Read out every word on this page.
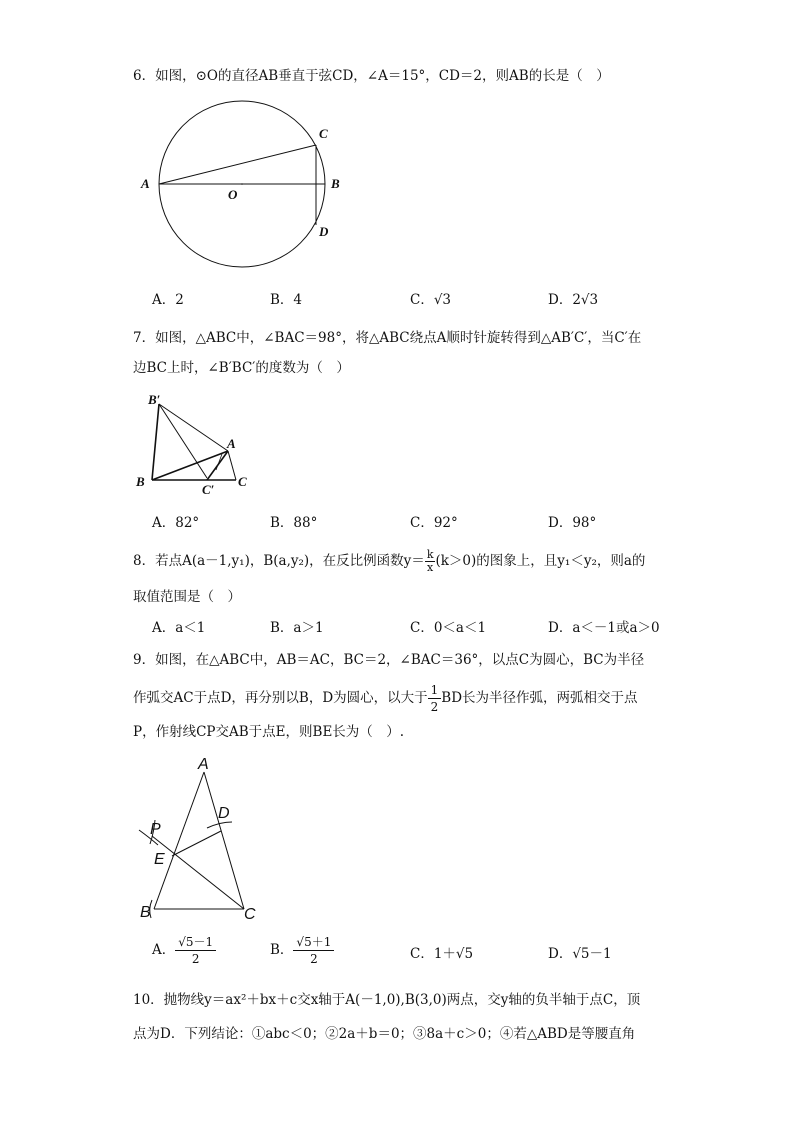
6．如图，⊙O的直径AB垂直于弦CD，∠A＝15°，CD＝2，则AB的长是（　）
A	B
C
D
O
A．2	B．4	C．√3	D．2√3
7．如图，△ABC中，∠BAC＝98°，将△ABC绕点A顺时针旋转得到△AB′C′，当C′在
边BC上时，∠B′BC′的度数为（　）
B′
A
B
C′
C
A．82°	B．88°	C．92°	D．98°
8．若点A(a－1,y₁)，B(a,y₂)，在反比例函数$y= \frac{k}{x} (k>0)$的图象上，且y₁＜y₂，则a的
取值范围是（　）
A．a＜1	B．a＞1	C．0＜a＜1	D．a＜－1或a＞0
9．如图，在△ABC中，AB＝AC，BC＝2，∠BAC＝36°，以点C为圆心，BC为半径
作弧交AC于点D，再分别以B，D为圆心，以大于 $\frac{1}{2}$ BD长为半径作弧，两弧相交于点
P，作射线CP交AB于点E，则BE长为（　）.
A
D
P
E
B	C
A． $\frac{√5-1}{2}$	B． $\frac{√5+1}{2}$	C．1＋√5	D．√5－1
10．抛物线y＝ax²＋bx＋c交x轴于A(－1,0),B(3,0)两点，交y轴的负半轴于点C，顶
点为D．下列结论：①abc＜0；②2a＋b＝0；③8a＋c＞0；④若△ABD是等腰直角
